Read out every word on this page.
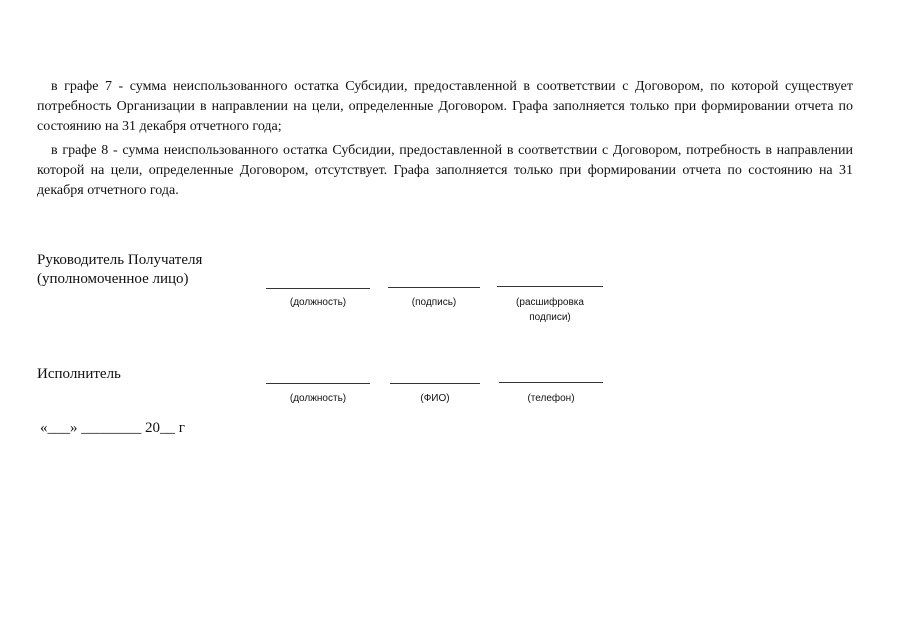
в графе 7 - сумма неиспользованного остатка Субсидии, предоставленной в соответствии с Договором, по которой существует потребность Организации в направлении на цели, определенные Договором. Графа заполняется только при формировании отчета по состоянию на 31 декабря отчетного года;
в графе 8 - сумма неиспользованного остатка Субсидии, предоставленной в соответствии с Договором, потребность в направлении которой на цели, определенные Договором, отсутствует. Графа заполняется только при формировании отчета по состоянию на 31 декабря отчетного года.
Руководитель Получателя
(уполномоченное лицо)
(должность)	(подпись)	(расшифровка
подписи)
Исполнитель
(должность)	(ФИО)	(телефон)
«___» ________ 20__ г
